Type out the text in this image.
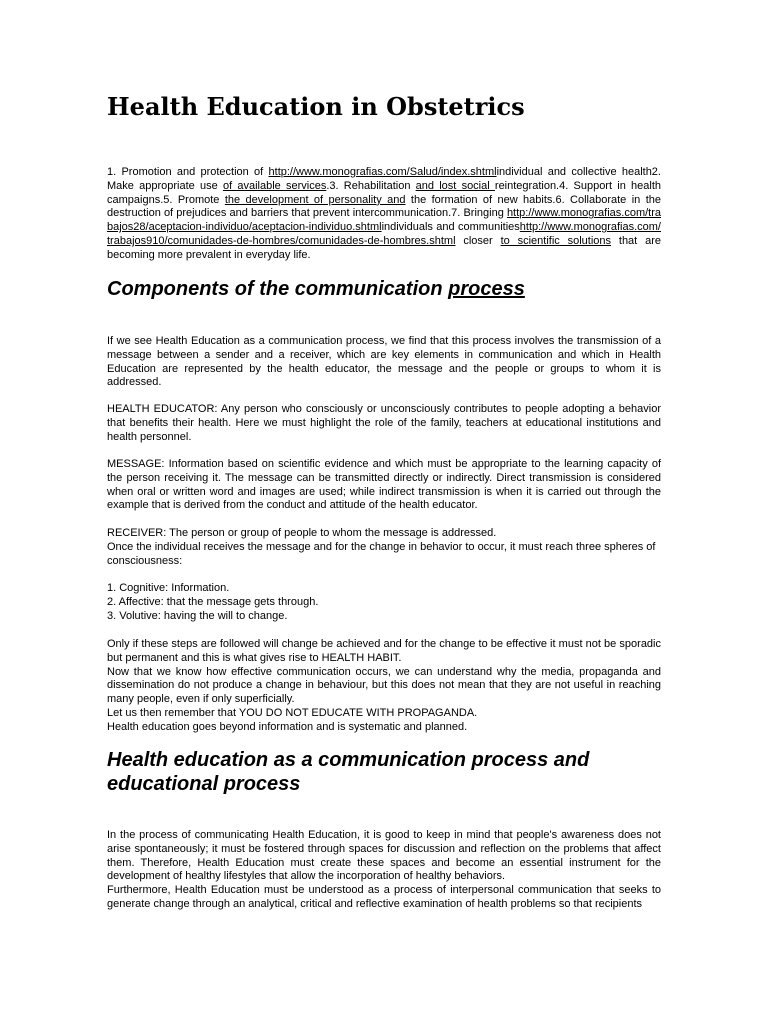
Health Education in Obstetrics

1. Promotion and protection of http://www.monografias.com/Salud/index.shtmlindividual and collective health2. Make appropriate use of available services.3. Rehabilitation and lost social reintegration.4. Support in health campaigns.5. Promote the development of personality and the formation of new habits.6. Collaborate in the destruction of prejudices and barriers that prevent intercommunication.7. Bringing http://www.monografias.com/trabajos28/aceptacion-individuo/aceptacion-individuo.shtmlindividuals and communitieshttp://www.monografias.com/trabajos910/comunidades-de-hombres/comunidades-de-hombres.shtml closer to scientific solutions that are becoming more prevalent in everyday life.

Components of the communication process

If we see Health Education as a communication process, we find that this process involves the transmission of a message between a sender and a receiver, which are key elements in communication and which in Health Education are represented by the health educator, the message and the people or groups to whom it is addressed.

HEALTH EDUCATOR: Any person who consciously or unconsciously contributes to people adopting a behavior that benefits their health. Here we must highlight the role of the family, teachers at educational institutions and health personnel.

MESSAGE: Information based on scientific evidence and which must be appropriate to the learning capacity of the person receiving it. The message can be transmitted directly or indirectly. Direct transmission is considered when oral or written word and images are used; while indirect transmission is when it is carried out through the example that is derived from the conduct and attitude of the health educator.

RECEIVER: The person or group of people to whom the message is addressed.
Once the individual receives the message and for the change in behavior to occur, it must reach three spheres of consciousness:

1. Cognitive: Information.
2. Affective: that the message gets through.
3. Volutive: having the will to change.

Only if these steps are followed will change be achieved and for the change to be effective it must not be sporadic but permanent and this is what gives rise to HEALTH HABIT.
Now that we know how effective communication occurs, we can understand why the media, propaganda and dissemination do not produce a change in behaviour, but this does not mean that they are not useful in reaching many people, even if only superficially.
Let us then remember that YOU DO NOT EDUCATE WITH PROPAGANDA.
Health education goes beyond information and is systematic and planned.

Health education as a communication process and educational process

In the process of communicating Health Education, it is good to keep in mind that people's awareness does not arise spontaneously; it must be fostered through spaces for discussion and reflection on the problems that affect them. Therefore, Health Education must create these spaces and become an essential instrument for the development of healthy lifestyles that allow the incorporation of healthy behaviors.
Furthermore, Health Education must be understood as a process of interpersonal communication that seeks to generate change through an analytical, critical and reflective examination of health problems so that recipients
